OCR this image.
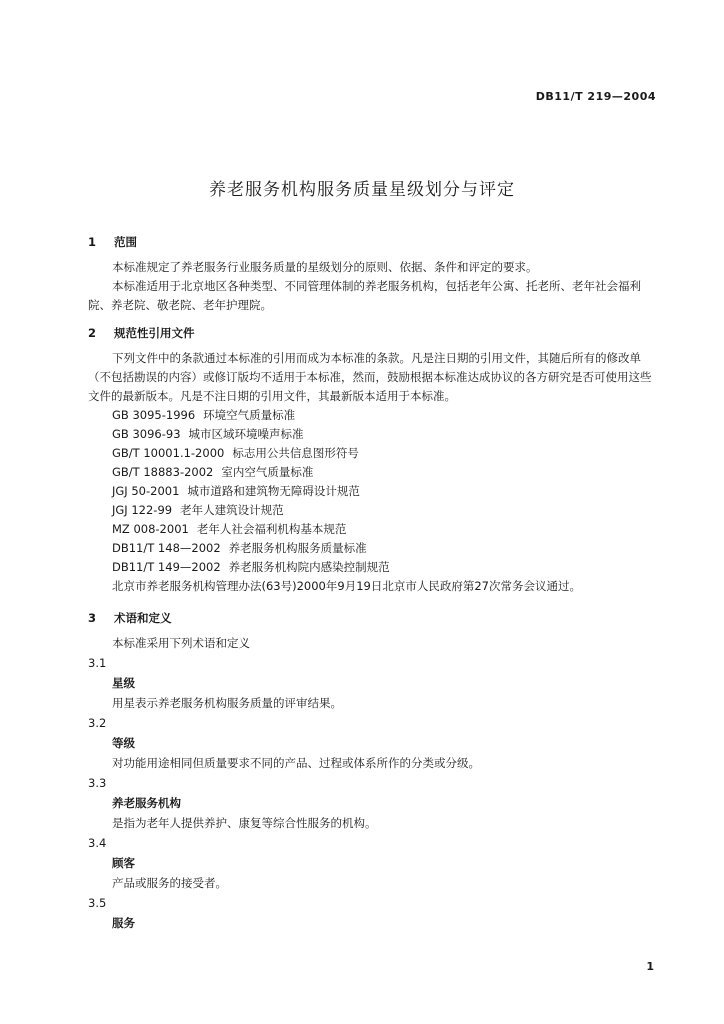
DB11/T 219—2004
养老服务机构服务质量星级划分与评定
1 范围

本标准规定了养老服务行业服务质量的星级划分的原则、依据、条件和评定的要求。

本标准适用于北京地区各种类型、不同管理体制的养老服务机构，包括老年公寓、托老所、老年社会福利院、养老院、敬老院、老年护理院。

2 规范性引用文件

下列文件中的条款通过本标准的引用而成为本标准的条款。凡是注日期的引用文件，其随后所有的修改单（不包括勘误的内容）或修订版均不适用于本标准，然而，鼓励根据本标准达成协议的各方研究是否可使用这些文件的最新版本。凡是不注日期的引用文件，其最新版本适用于本标准。

GB 3095-1996 环境空气质量标准
GB 3096-93 城市区域环境噪声标准
GB/T 10001.1-2000 标志用公共信息图形符号
GB/T 18883-2002 室内空气质量标准
JGJ 50-2001 城市道路和建筑物无障碍设计规范
JGJ 122-99 老年人建筑设计规范
MZ 008-2001 老年人社会福利机构基本规范
DB11/T 148—2002 养老服务机构服务质量标准
DB11/T 149—2002 养老服务机构院内感染控制规范
北京市养老服务机构管理办法(63号)2000年9月19日北京市人民政府第27次常务会议通过。
3 术语和定义

本标准采用下列术语和定义

3.1
星级
用星表示养老服务机构服务质量的评审结果。
3.2
等级
对功能用途相同但质量要求不同的产品、过程或体系所作的分类或分级。
3.3
养老服务机构
是指为老年人提供养护、康复等综合性服务的机构。
3.4
顾客
产品或服务的接受者。
3.5
服务
1
